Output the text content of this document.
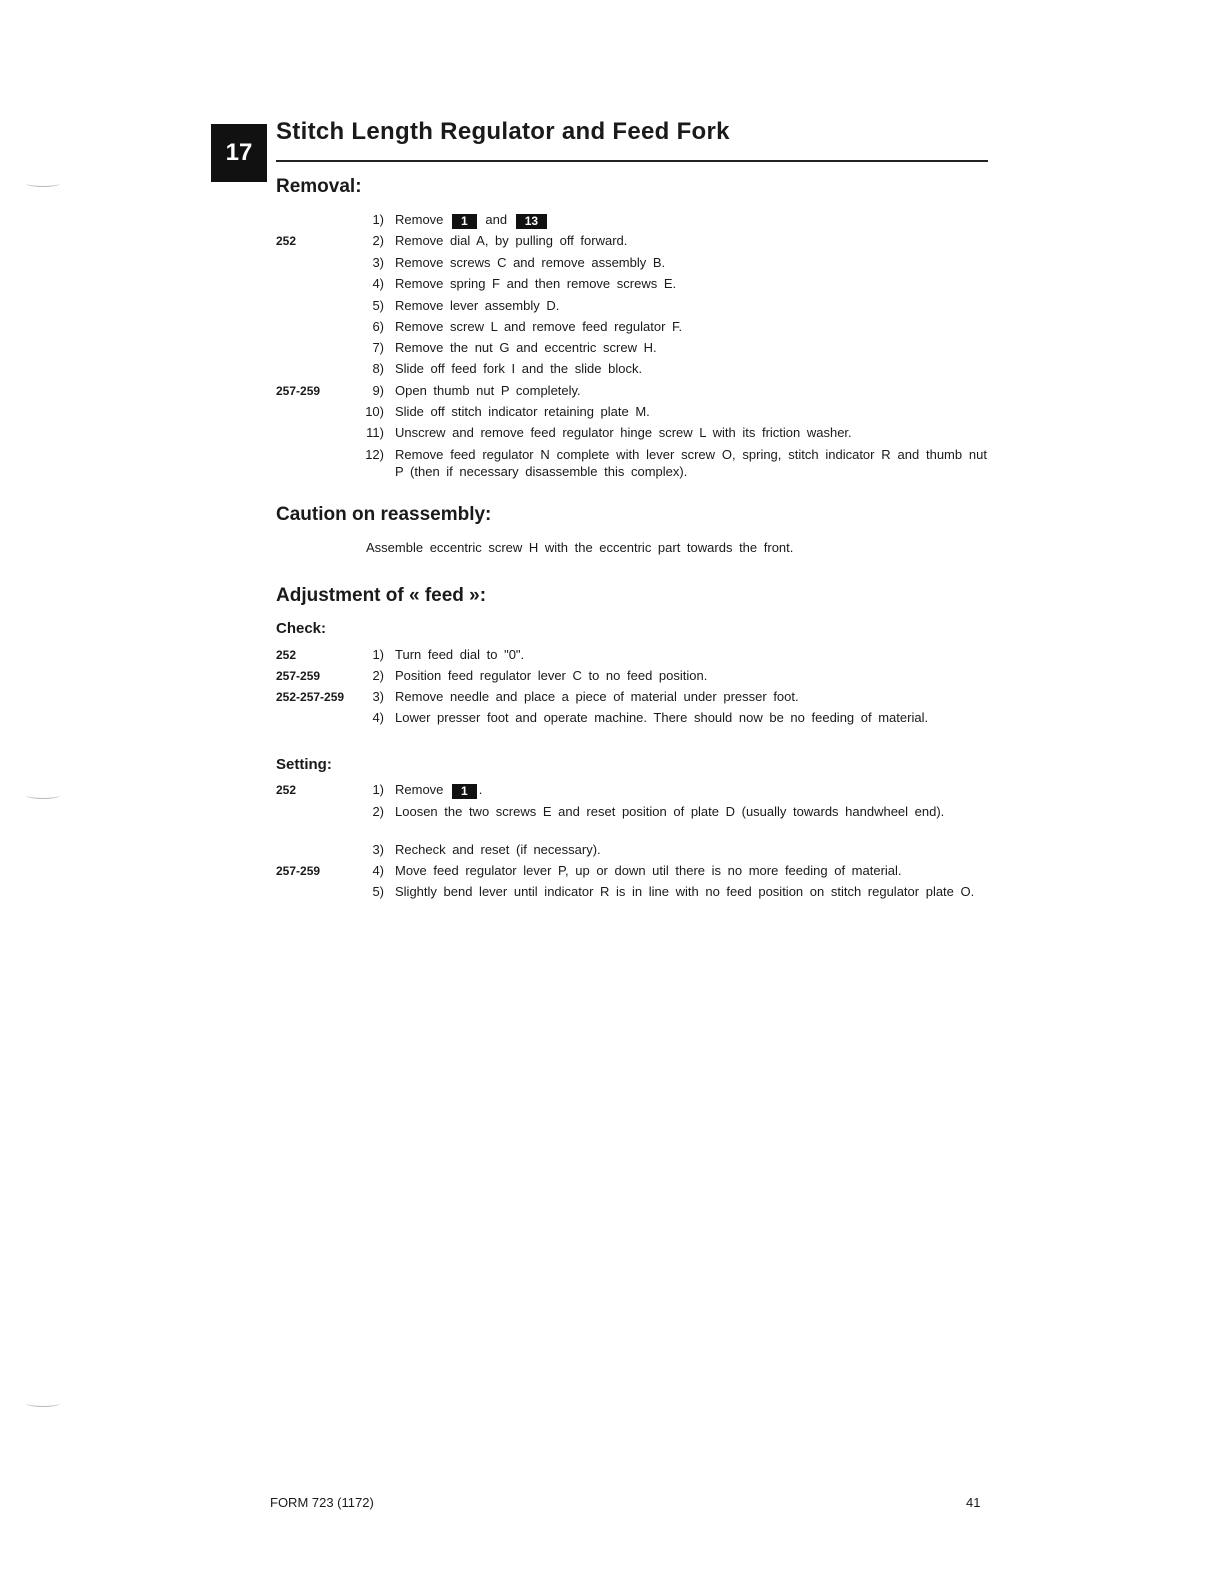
17
Stitch Length Regulator and Feed Fork
Removal:
1) Remove 1 and 13
252	2) Remove dial A, by pulling off forward.
3) Remove screws C and remove assembly B.
4) Remove spring F and then remove screws E.
5) Remove lever assembly D.
6) Remove screw L and remove feed regulator F.
7) Remove the nut G and eccentric screw H.
8) Slide off feed fork I and the slide block.
257-259	9) Open thumb nut P completely.
10) Slide off stitch indicator retaining plate M.
11) Unscrew and remove feed regulator hinge screw L with its friction washer.
12) Remove feed regulator N complete with lever screw O, spring, stitch indicator R and thumb nut P (then if necessary disassemble this complex).
Caution on reassembly:
Assemble eccentric screw H with the eccentric part towards the front.
Adjustment of « feed »:
Check:
252	1) Turn feed dial to "0".
257-259	2) Position feed regulator lever C to no feed position.
252-257-259	3) Remove needle and place a piece of material under presser foot.
4) Lower presser foot and operate machine. There should now be no feeding of material.
Setting:
252	1) Remove 1 .
2) Loosen the two screws E and reset position of plate D (usually towards handwheel end).
3) Recheck and reset (if necessary).
257-259	4) Move feed regulator lever P, up or down util there is no more feeding of material.
5) Slightly bend lever until indicator R is in line with no feed position on stitch regulator plate O.
FORM 723 (1172)	41
